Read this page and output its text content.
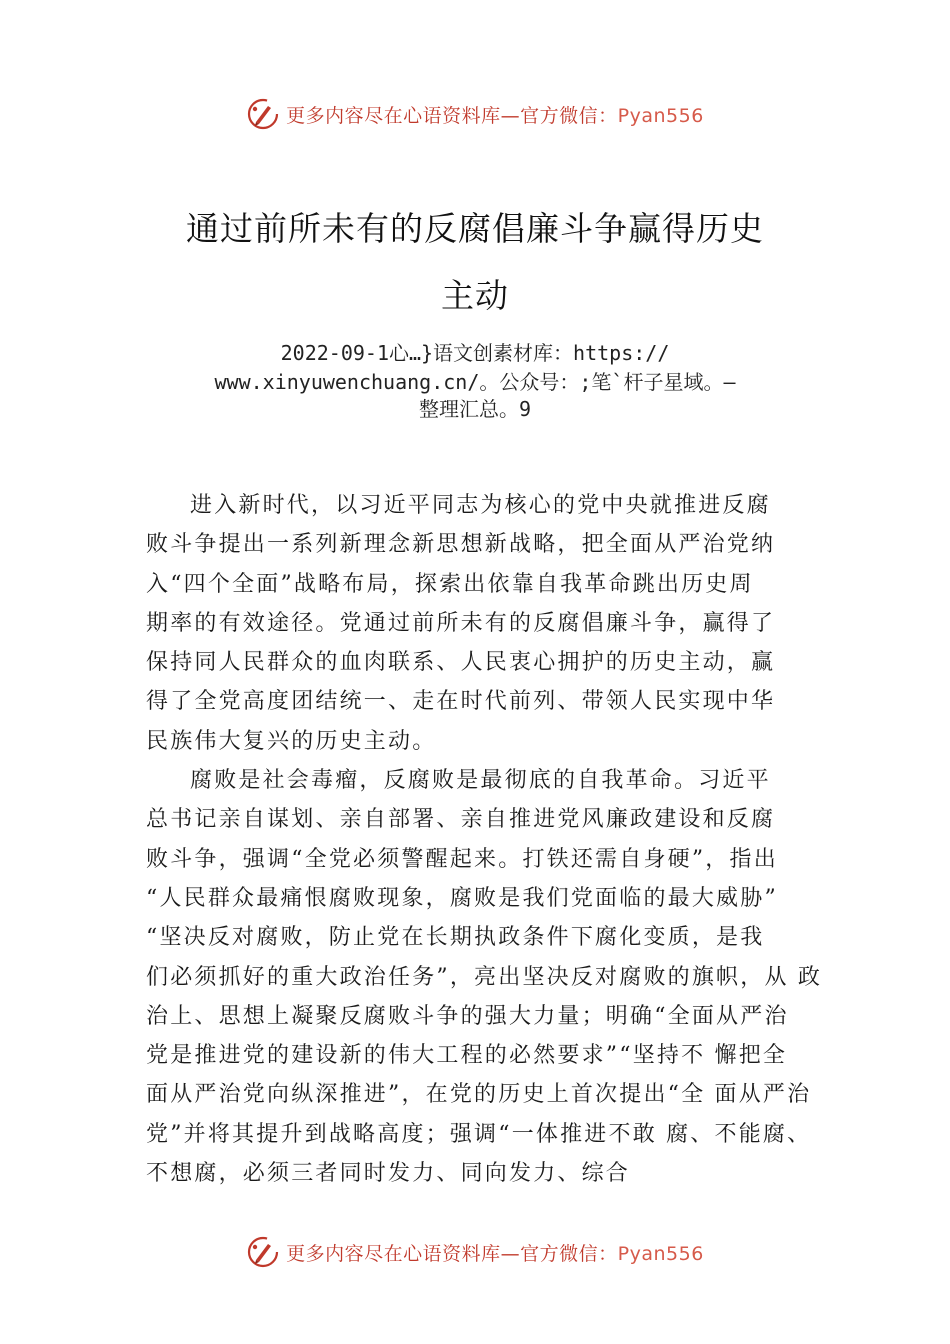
更多内容尽在心语资料库—官方微信：Pyan556
通过前所未有的反腐倡廉斗争赢得历史
主动
2022-09-1心…}语文创素材库：https://
www.xinyuwenchuang.cn/。公众号：;笔`杆子星域。—
整理汇总。9
进入新时代，以习近平同志为核心的党中央就推进反腐
败斗争提出一系列新理念新思想新战略，把全面从严治党纳
入“四个全面”战略布局，探索出依靠自我革命跳出历史周
期率的有效途径。党通过前所未有的反腐倡廉斗争，赢得了
保持同人民群众的血肉联系、人民衷心拥护的历史主动，赢
得了全党高度团结统一、走在时代前列、带领人民实现中华
民族伟大复兴的历史主动。
腐败是社会毒瘤，反腐败是最彻底的自我革命。习近平
总书记亲自谋划、亲自部署、亲自推进党风廉政建设和反腐
败斗争，强调“全党必须警醒起来。打铁还需自身硬”，指出
“人民群众最痛恨腐败现象，腐败是我们党面临的最大威胁”
“坚决反对腐败，防止党在长期执政条件下腐化变质，是我
们必须抓好的重大政治任务”，亮出坚决反对腐败的旗帜，从 政
治上、思想上凝聚反腐败斗争的强大力量；明确“全面从严治
党是推进党的建设新的伟大工程的必然要求”“坚持不 懈把全
面从严治党向纵深推进”，在党的历史上首次提出“全 面从严治
党”并将其提升到战略高度；强调“一体推进不敢 腐、不能腐、
不想腐，必须三者同时发力、同向发力、综合
更多内容尽在心语资料库—官方微信：Pyan556
